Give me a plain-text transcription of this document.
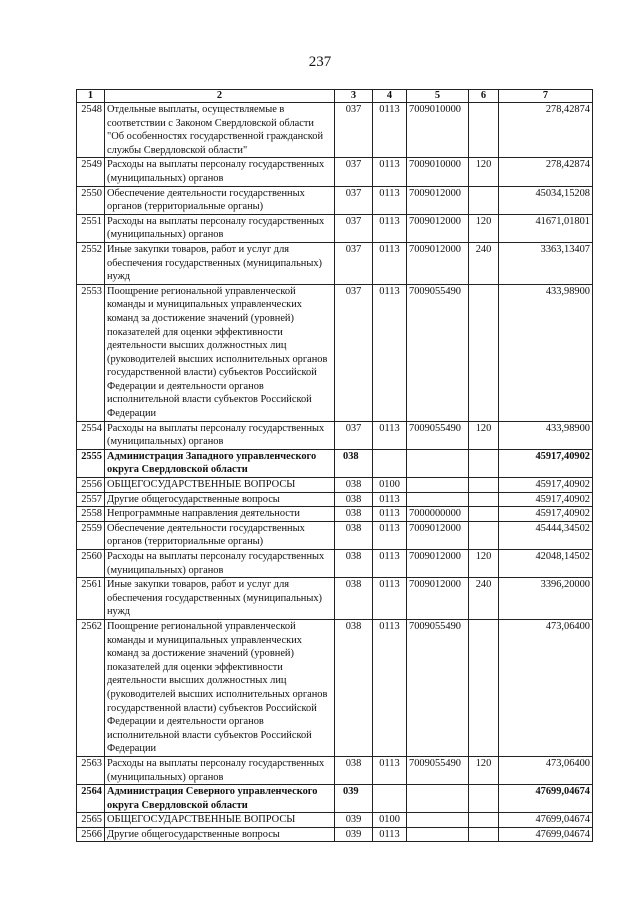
237
1	2	3	4	5	6	7
2548	Отдельные выплаты, осуществляемые в соответствии с Законом Свердловской области "Об особенностях государственной гражданской службы Свердловской области"	037	0113	7009010000		278,42874
2549	Расходы на выплаты персоналу государственных (муниципальных) органов	037	0113	7009010000	120	278,42874
2550	Обеспечение деятельности государственных органов (территориальные органы)	037	0113	7009012000		45034,15208
2551	Расходы на выплаты персоналу государственных (муниципальных) органов	037	0113	7009012000	120	41671,01801
2552	Иные закупки товаров, работ и услуг для обеспечения государственных (муниципальных) нужд	037	0113	7009012000	240	3363,13407
2553	Поощрение региональной управленческой команды и муниципальных управленческих команд за достижение значений (уровней) показателей для оценки эффективности деятельности высших должностных лиц (руководителей высших исполнительных органов государственной власти) субъектов Российской Федерации и деятельности органов исполнительной власти субъектов Российской Федерации	037	0113	7009055490		433,98900
2554	Расходы на выплаты персоналу государственных (муниципальных) органов	037	0113	7009055490	120	433,98900
2555	Администрация Западного управленческого округа Свердловской области	038				45917,40902
2556	ОБЩЕГОСУДАРСТВЕННЫЕ ВОПРОСЫ	038	0100			45917,40902
2557	Другие общегосударственные вопросы	038	0113			45917,40902
2558	Непрограммные направления деятельности	038	0113	7000000000		45917,40902
2559	Обеспечение деятельности государственных органов (территориальные органы)	038	0113	7009012000		45444,34502
2560	Расходы на выплаты персоналу государственных (муниципальных) органов	038	0113	7009012000	120	42048,14502
2561	Иные закупки товаров, работ и услуг для обеспечения государственных (муниципальных) нужд	038	0113	7009012000	240	3396,20000
2562	Поощрение региональной управленческой команды и муниципальных управленческих команд за достижение значений (уровней) показателей для оценки эффективности деятельности высших должностных лиц (руководителей высших исполнительных органов государственной власти) субъектов Российской Федерации и деятельности органов исполнительной власти субъектов Российской Федерации	038	0113	7009055490		473,06400
2563	Расходы на выплаты персоналу государственных (муниципальных) органов	038	0113	7009055490	120	473,06400
2564	Администрация Северного управленческого округа Свердловской области	039				47699,04674
2565	ОБЩЕГОСУДАРСТВЕННЫЕ ВОПРОСЫ	039	0100			47699,04674
2566	Другие общегосударственные вопросы	039	0113			47699,04674
